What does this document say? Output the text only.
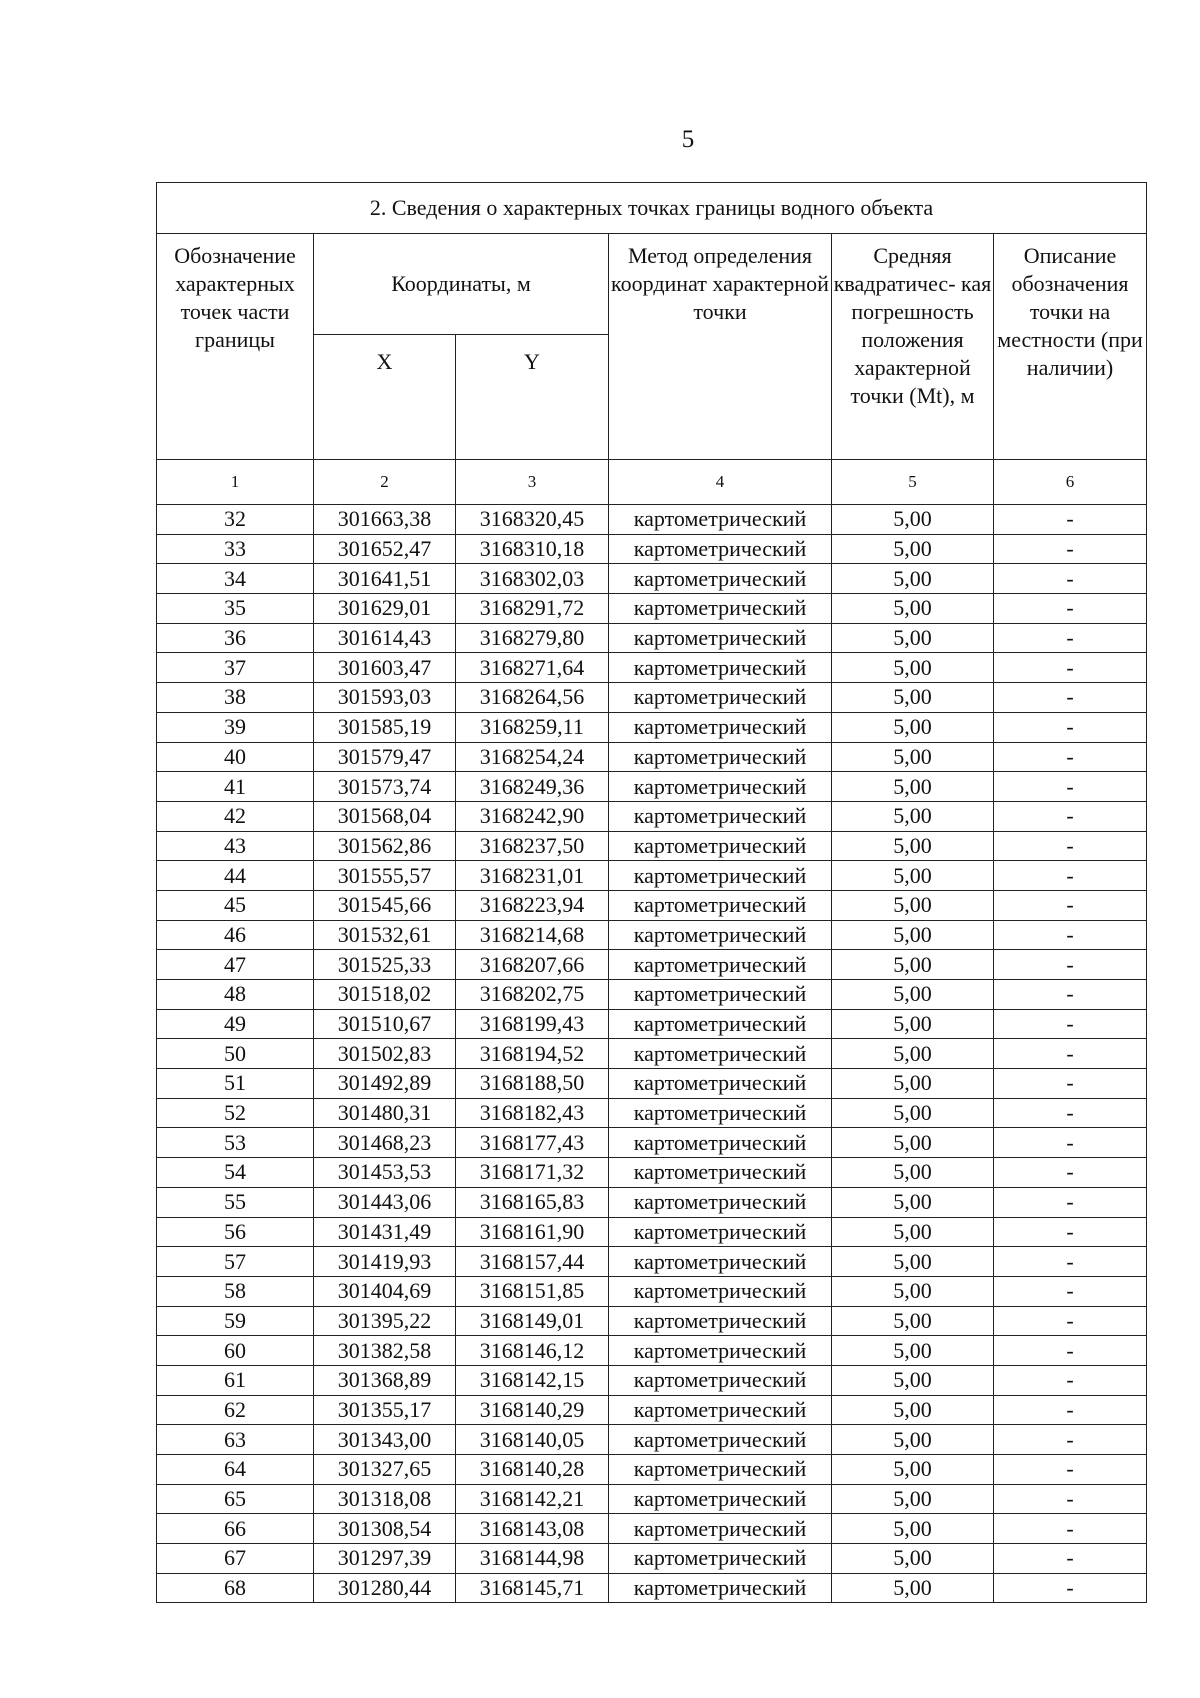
5
2. Сведения о характерных точках границы водного объекта					
Обозначение характерных точек части границы	Координаты, м		Метод определения координат характерной точки	Средняя квадратичес- кая погрешность положения характерной точки (Mt), м	Описание обозначения точки на местности (при наличии)
	X	Y			
1	2	3	4	5	6
32	301663,38	3168320,45	картометрический	5,00	-
33	301652,47	3168310,18	картометрический	5,00	-
34	301641,51	3168302,03	картометрический	5,00	-
35	301629,01	3168291,72	картометрический	5,00	-
36	301614,43	3168279,80	картометрический	5,00	-
37	301603,47	3168271,64	картометрический	5,00	-
38	301593,03	3168264,56	картометрический	5,00	-
39	301585,19	3168259,11	картометрический	5,00	-
40	301579,47	3168254,24	картометрический	5,00	-
41	301573,74	3168249,36	картометрический	5,00	-
42	301568,04	3168242,90	картометрический	5,00	-
43	301562,86	3168237,50	картометрический	5,00	-
44	301555,57	3168231,01	картометрический	5,00	-
45	301545,66	3168223,94	картометрический	5,00	-
46	301532,61	3168214,68	картометрический	5,00	-
47	301525,33	3168207,66	картометрический	5,00	-
48	301518,02	3168202,75	картометрический	5,00	-
49	301510,67	3168199,43	картометрический	5,00	-
50	301502,83	3168194,52	картометрический	5,00	-
51	301492,89	3168188,50	картометрический	5,00	-
52	301480,31	3168182,43	картометрический	5,00	-
53	301468,23	3168177,43	картометрический	5,00	-
54	301453,53	3168171,32	картометрический	5,00	-
55	301443,06	3168165,83	картометрический	5,00	-
56	301431,49	3168161,90	картометрический	5,00	-
57	301419,93	3168157,44	картометрический	5,00	-
58	301404,69	3168151,85	картометрический	5,00	-
59	301395,22	3168149,01	картометрический	5,00	-
60	301382,58	3168146,12	картометрический	5,00	-
61	301368,89	3168142,15	картометрический	5,00	-
62	301355,17	3168140,29	картометрический	5,00	-
63	301343,00	3168140,05	картометрический	5,00	-
64	301327,65	3168140,28	картометрический	5,00	-
65	301318,08	3168142,21	картометрический	5,00	-
66	301308,54	3168143,08	картометрический	5,00	-
67	301297,39	3168144,98	картометрический	5,00	-
68	301280,44	3168145,71	картометрический	5,00	-
